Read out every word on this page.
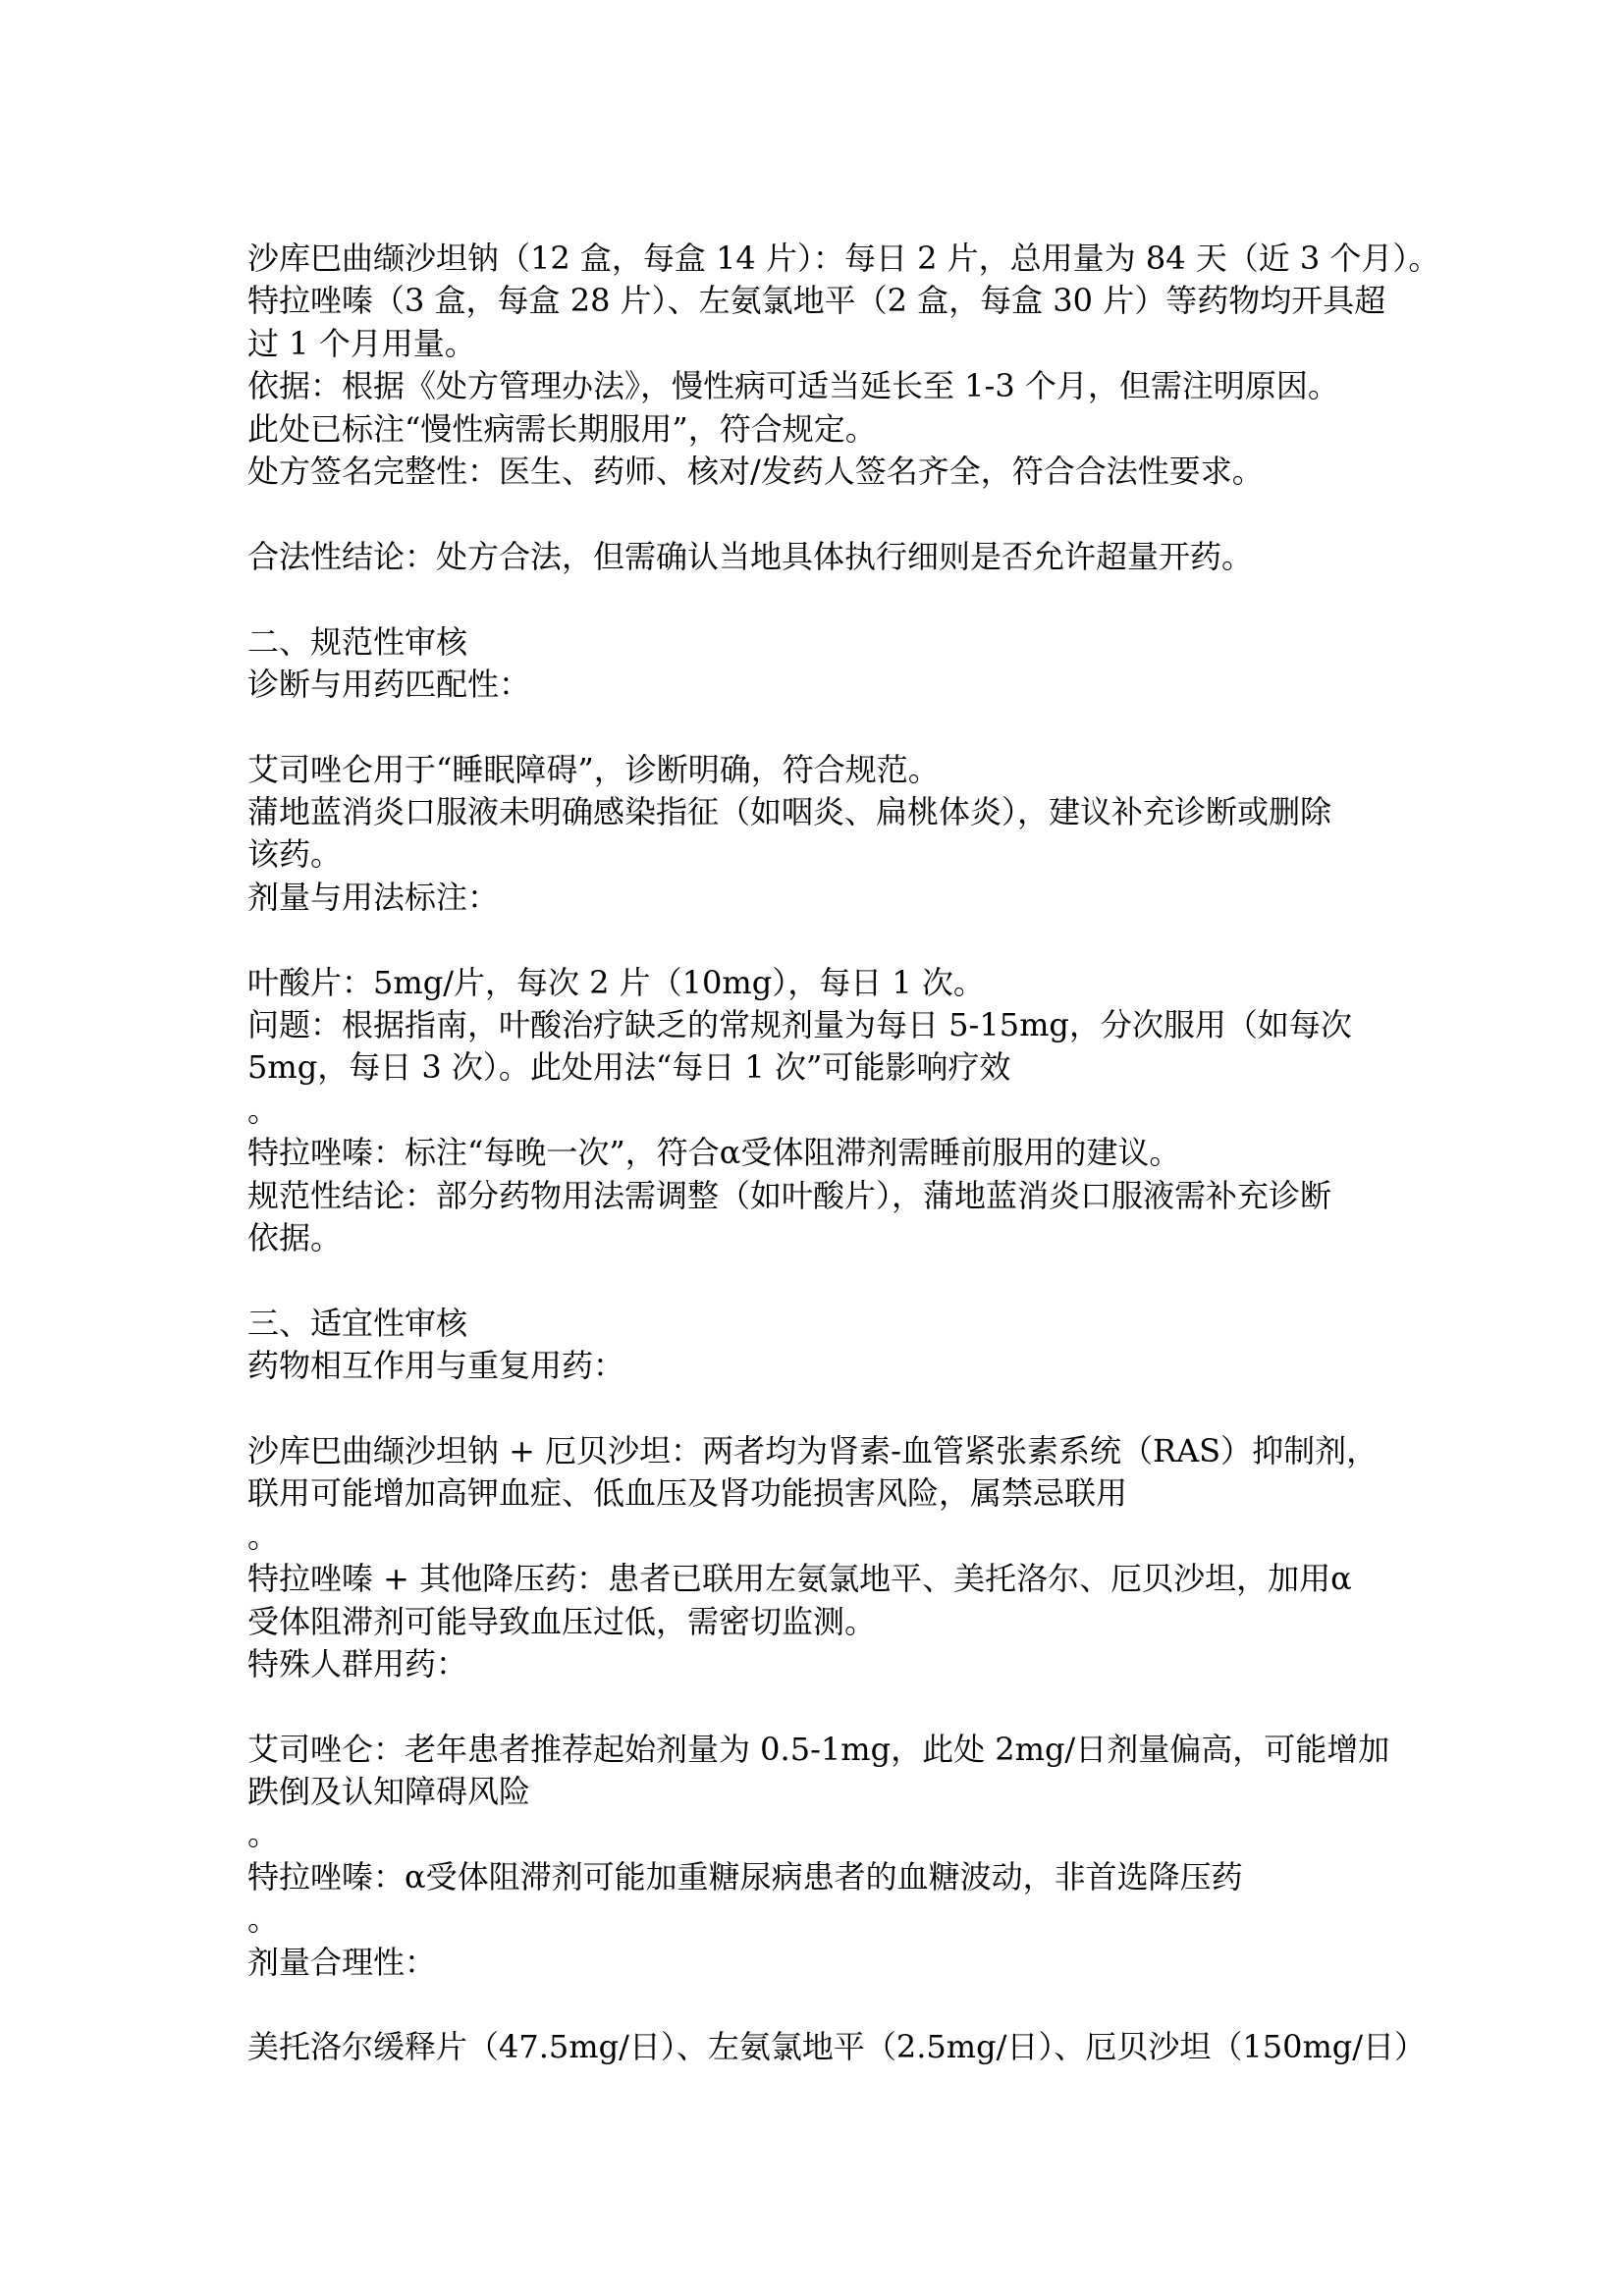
沙库巴曲缬沙坦钠（12 盒，每盒 14 片）：每日 2 片，总用量为 84 天（近 3 个月）。
特拉唑嗪（3 盒，每盒 28 片）、左氨氯地平（2 盒，每盒 30 片）等药物均开具超
过 1 个月用量。
依据：根据《处方管理办法》，慢性病可适当延长至 1-3 个月，但需注明原因。
此处已标注“慢性病需长期服用”，符合规定。
处方签名完整性：医生、药师、核对/发药人签名齐全，符合合法性要求。
合法性结论：处方合法，但需确认当地具体执行细则是否允许超量开药。
二、规范性审核
诊断与用药匹配性：
艾司唑仑用于“睡眠障碍”，诊断明确，符合规范。
蒲地蓝消炎口服液未明确感染指征（如咽炎、扁桃体炎），建议补充诊断或删除
该药。
剂量与用法标注：
叶酸片：5mg/片，每次 2 片（10mg），每日 1 次。
问题：根据指南，叶酸治疗缺乏的常规剂量为每日 5-15mg，分次服用（如每次
5mg，每日 3 次）。此处用法“每日 1 次”可能影响疗效
。
特拉唑嗪：标注“每晚一次”，符合α受体阻滞剂需睡前服用的建议。
规范性结论：部分药物用法需调整（如叶酸片），蒲地蓝消炎口服液需补充诊断
依据。
三、适宜性审核
药物相互作用与重复用药：
沙库巴曲缬沙坦钠 + 厄贝沙坦：两者均为肾素-血管紧张素系统（RAS）抑制剂，
联用可能增加高钾血症、低血压及肾功能损害风险，属禁忌联用
。
特拉唑嗪 + 其他降压药：患者已联用左氨氯地平、美托洛尔、厄贝沙坦，加用α
受体阻滞剂可能导致血压过低，需密切监测。
特殊人群用药：
艾司唑仑：老年患者推荐起始剂量为 0.5-1mg，此处 2mg/日剂量偏高，可能增加
跌倒及认知障碍风险
。
特拉唑嗪：α受体阻滞剂可能加重糖尿病患者的血糖波动，非首选降压药
。
剂量合理性：
美托洛尔缓释片（47.5mg/日）、左氨氯地平（2.5mg/日）、厄贝沙坦（150mg/日）
